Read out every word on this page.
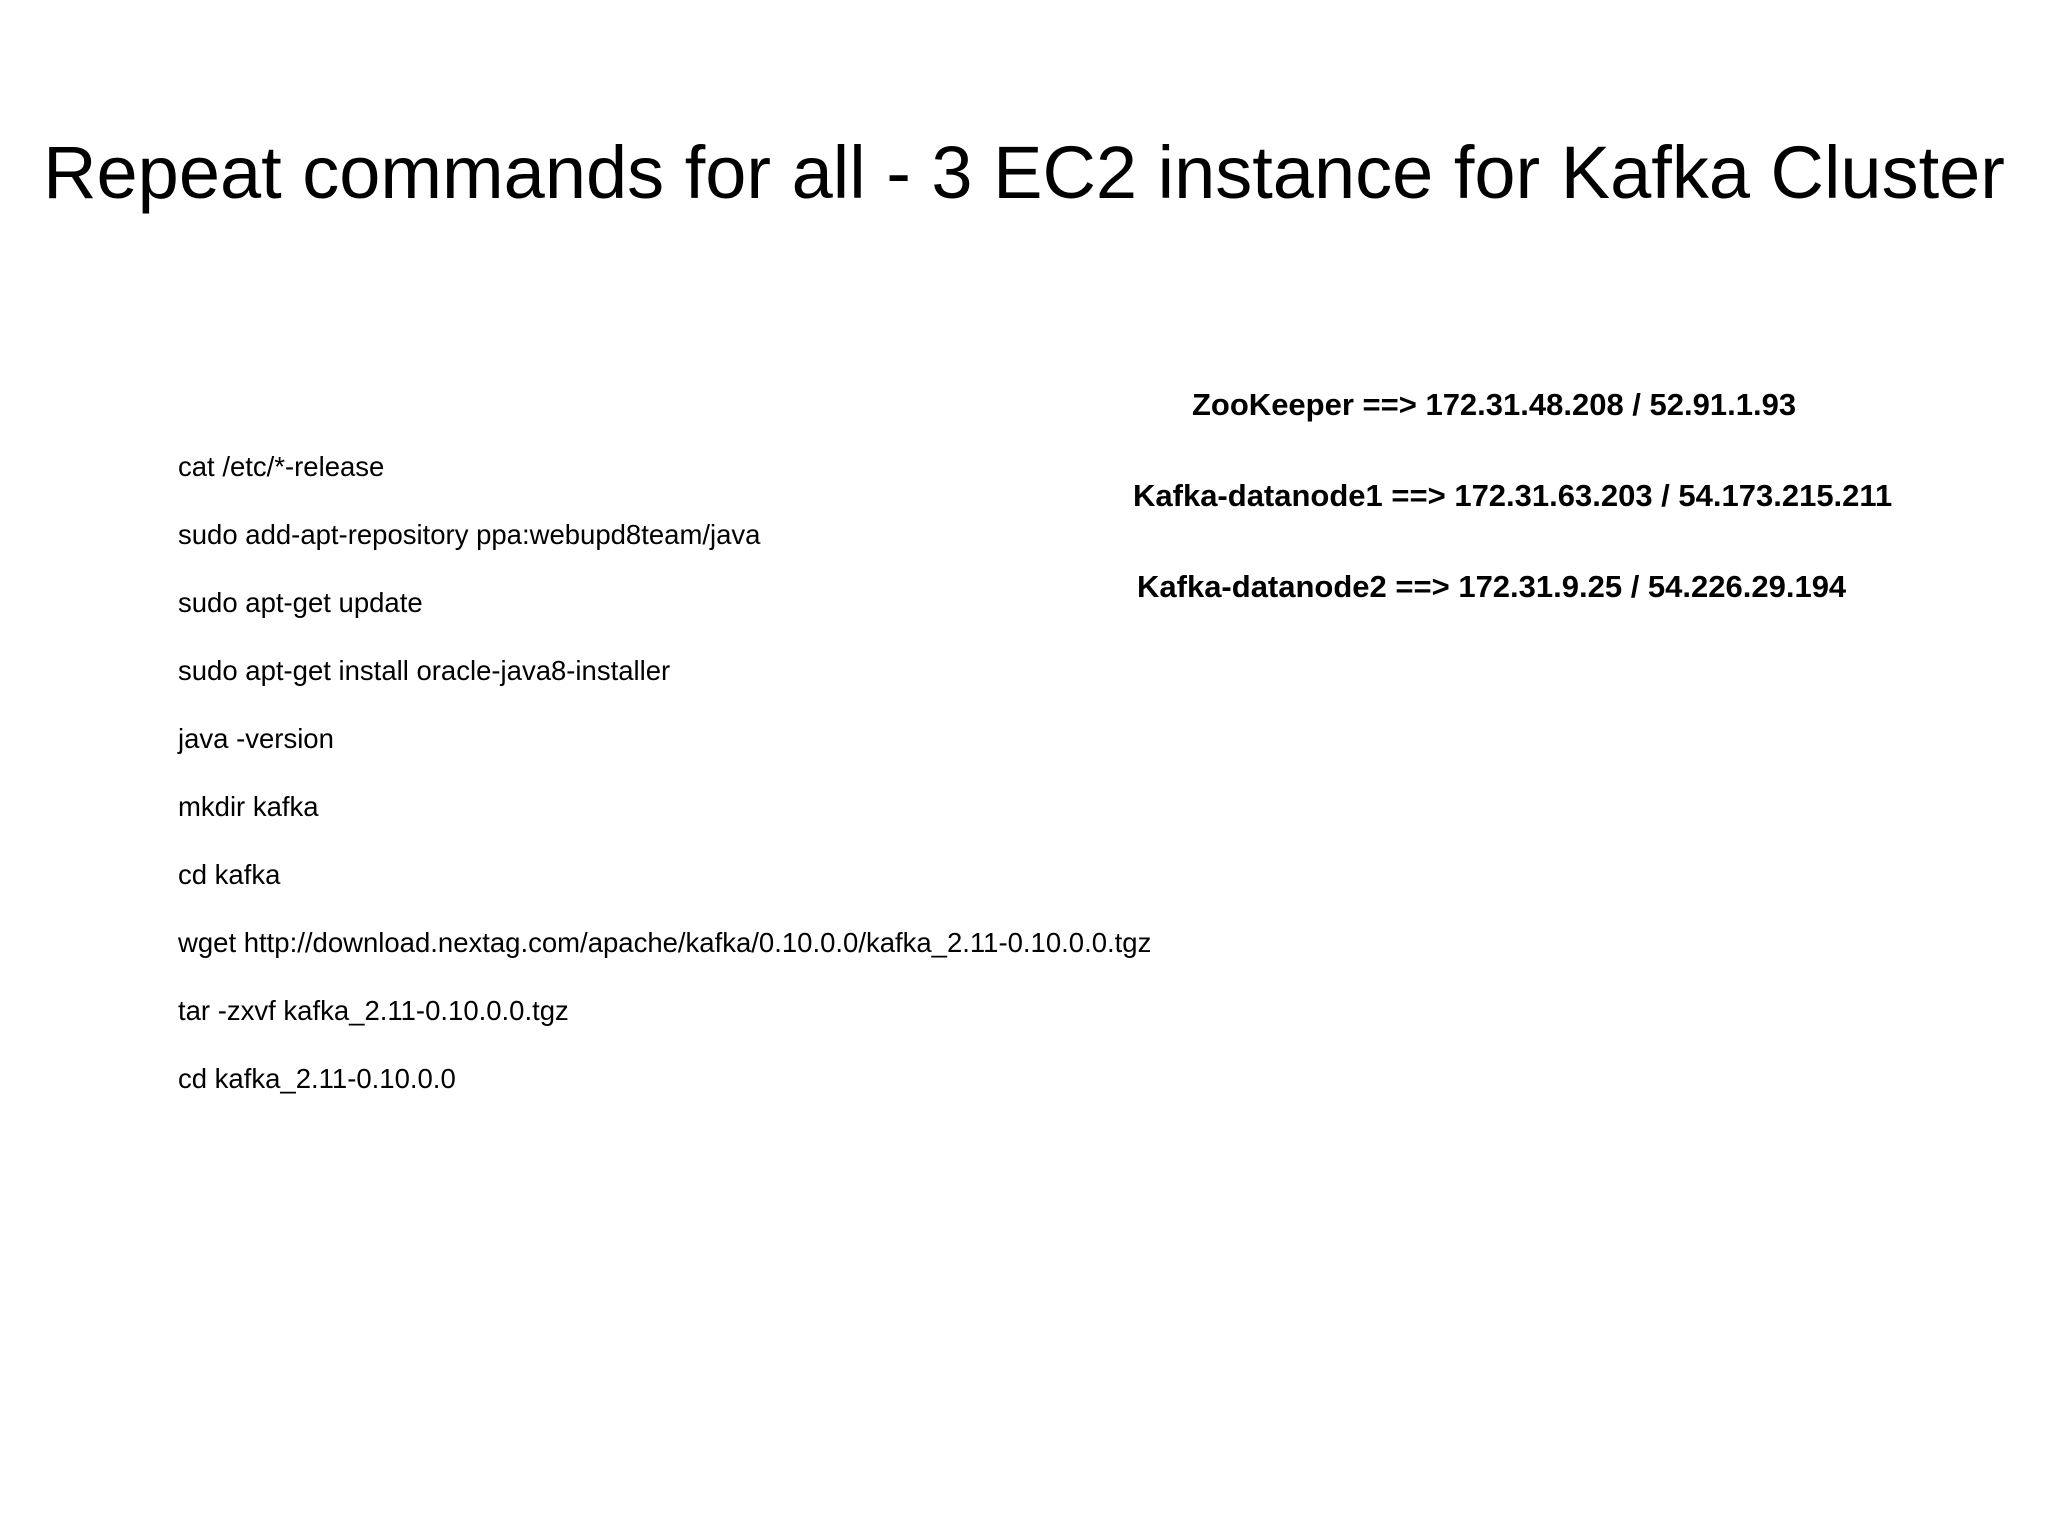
Repeat commands for all - 3 EC2 instance for Kafka Cluster
cat /etc/*-release
sudo add-apt-repository ppa:webupd8team/java
sudo apt-get update
sudo apt-get install oracle-java8-installer
java -version
mkdir kafka
cd kafka
wget http://download.nextag.com/apache/kafka/0.10.0.0/kafka_2.11-0.10.0.0.tgz
tar -zxvf kafka_2.11-0.10.0.0.tgz
cd kafka_2.11-0.10.0.0
ZooKeeper ==> 172.31.48.208 / 52.91.1.93
Kafka-datanode1 ==> 172.31.63.203 / 54.173.215.211
Kafka-datanode2 ==> 172.31.9.25 / 54.226.29.194
